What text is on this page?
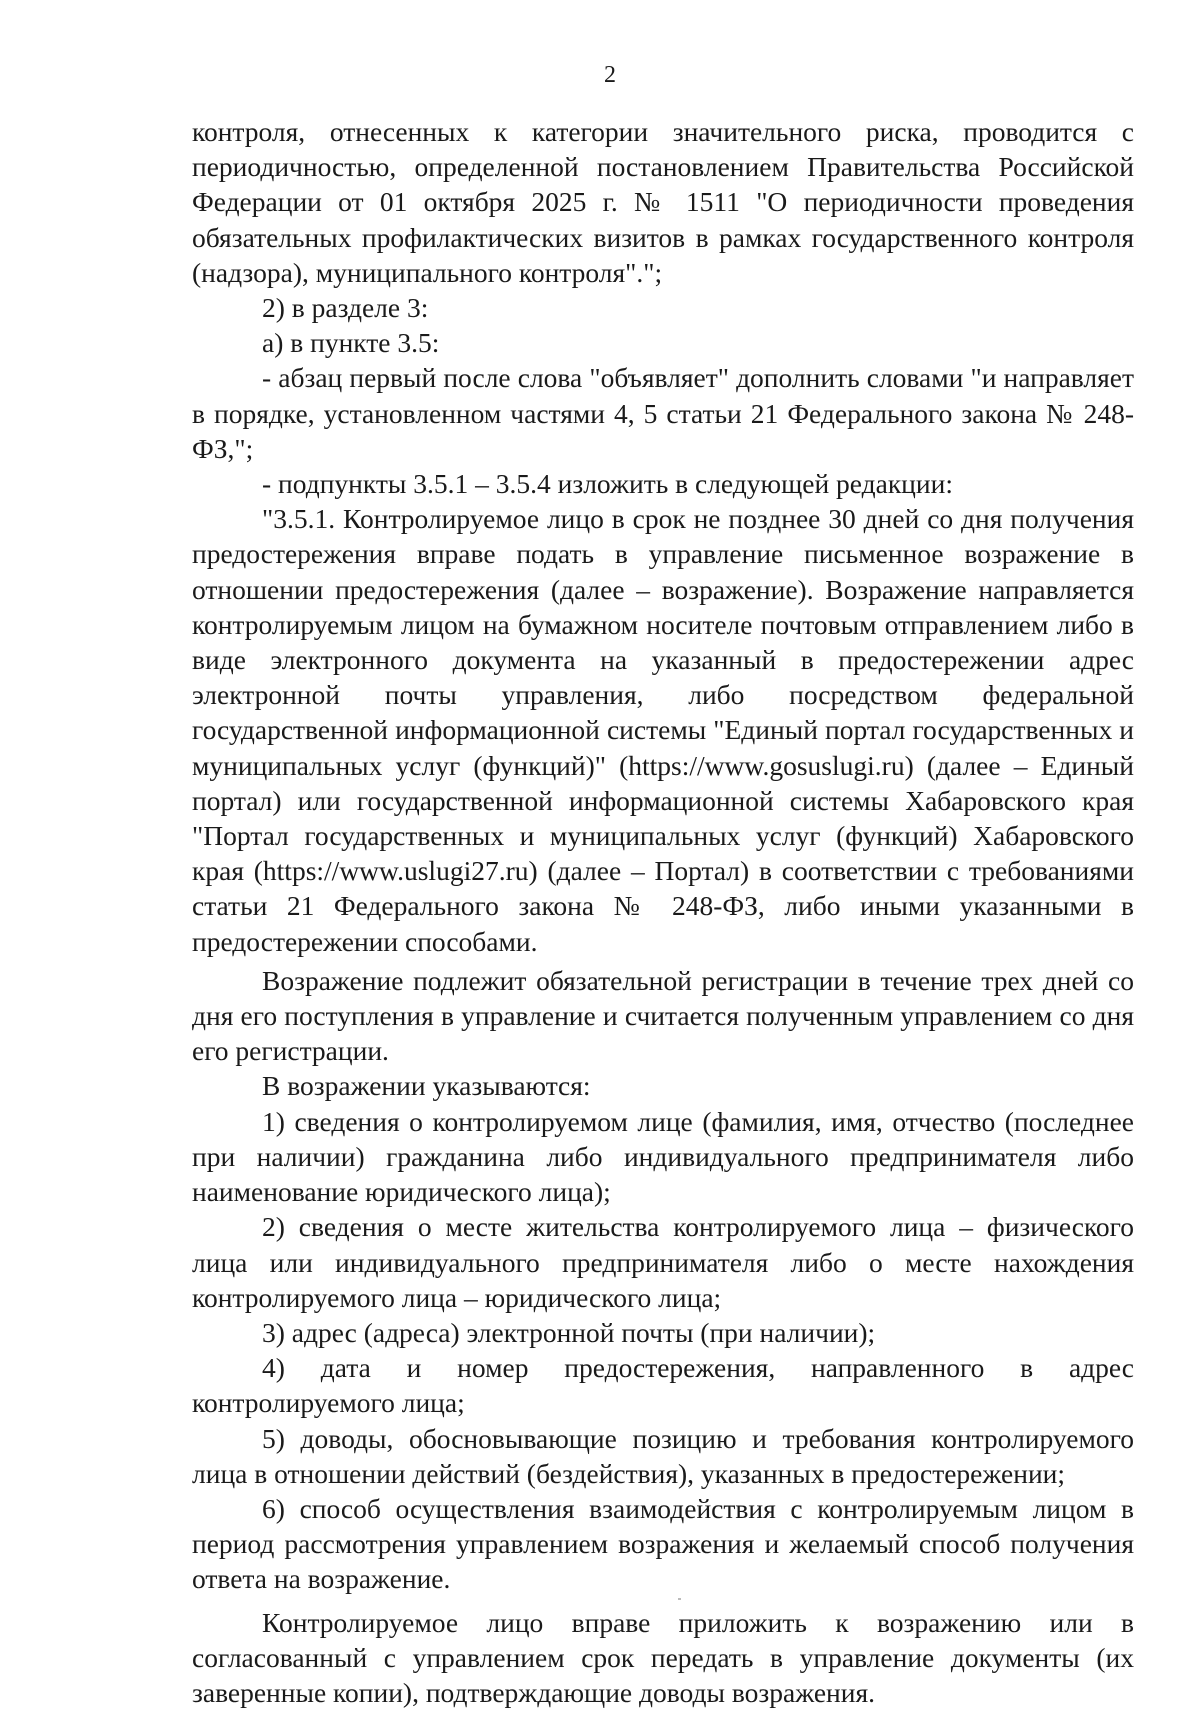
2

контроля, отнесенных к категории значительного риска, проводится с периодичностью, определенной постановлением Правительства Российской Федерации от 01 октября 2025 г. № 1511 "О периодичности проведения обязательных профилактических визитов в рамках государственного контроля (надзора), муниципального контроля".";

2) в разделе 3:

а) в пункте 3.5:

- абзац первый после слова "объявляет" дополнить словами "и направляет в порядке, установленном частями 4, 5 статьи 21 Федерального закона № 248-ФЗ,";

- подпункты 3.5.1 – 3.5.4 изложить в следующей редакции:

"3.5.1. Контролируемое лицо в срок не позднее 30 дней со дня получения предостережения вправе подать в управление письменное возражение в отношении предостережения (далее – возражение). Возражение направляется контролируемым лицом на бумажном носителе почтовым отправлением либо в виде электронного документа на указанный в предостережении адрес электронной почты управления, либо посредством федеральной государственной информационной системы "Единый портал государственных и муниципальных услуг (функций)" (https://www.gosuslugi.ru) (далее – Единый портал) или государственной информационной системы Хабаровского края "Портал государственных и муниципальных услуг (функций) Хабаровского края (https://www.uslugi27.ru) (далее – Портал) в соответствии с требованиями статьи 21 Федерального закона № 248-ФЗ, либо иными указанными в предостережении способами.

Возражение подлежит обязательной регистрации в течение трех дней со дня его поступления в управление и считается полученным управлением со дня его регистрации.

В возражении указываются:

1) сведения о контролируемом лице (фамилия, имя, отчество (последнее при наличии) гражданина либо индивидуального предпринимателя либо наименование юридического лица);

2) сведения о месте жительства контролируемого лица – физического лица или индивидуального предпринимателя либо о месте нахождения контролируемого лица – юридического лица;

3) адрес (адреса) электронной почты (при наличии);

4) дата и номер предостережения, направленного в адрес контролируемого лица;

5) доводы, обосновывающие позицию и требования контролируемого лица в отношении действий (бездействия), указанных в предостережении;

6) способ осуществления взаимодействия с контролируемым лицом в период рассмотрения управлением возражения и желаемый способ получения ответа на возражение.

Контролируемое лицо вправе приложить к возражению или в согласованный с управлением срок передать в управление документы (их заверенные копии), подтверждающие доводы возражения.
